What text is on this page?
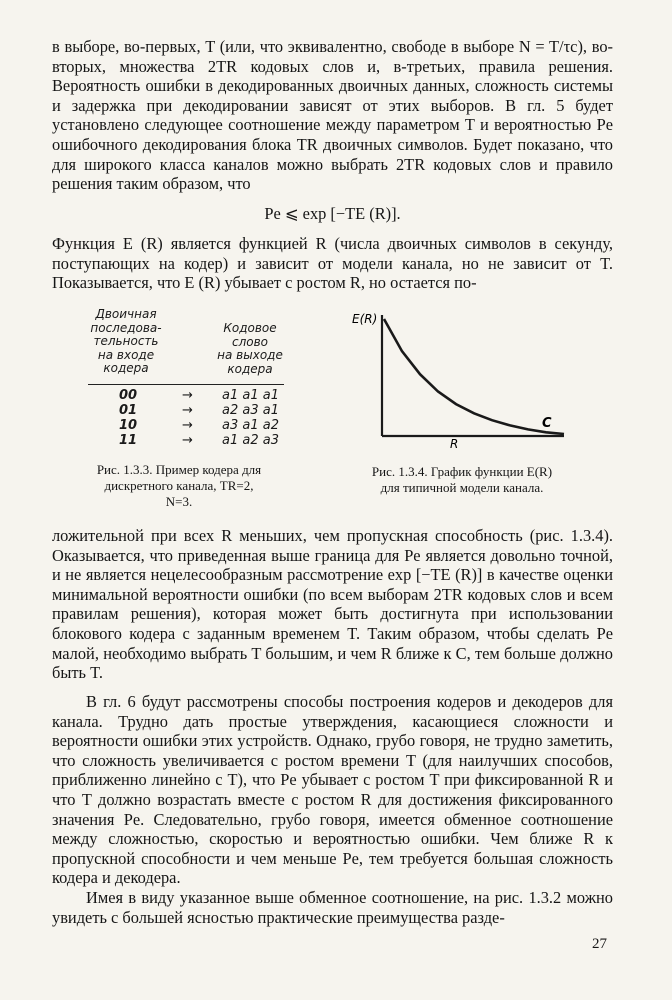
в выборе, во-первых, T (или, что эквивалентно, свободе в выборе N = T/τc), во-вторых, множества 2TR кодовых слов и, в-третьих, правила решения. Вероятность ошибки в декодированных двоичных данных, сложность системы и задержка при декодировании зависят от этих выборов. В гл. 5 будет установлено следующее соотношение между параметром T и вероятностью Pe ошибочного декодирования блока TR двоичных символов. Будет показано, что для широкого класса каналов можно выбрать 2TR кодовых слов и правило решения таким образом, что

Pe ⩽ exp [−TE (R)].

Функция E (R) является функцией R (числа двоичных символов в секунду, поступающих на кодер) и зависит от модели канала, но не зависит от T. Показывается, что E (R) убывает с ростом R, но остается по-

Двоичная
последова-
тельность
на входе
кодера
Кодовое
слово
на выходе
кодера
00	→ a1 a1 a1
01	→ a2 a3 a1
10	→ a3 a1 a2
11	→ a1 a2 a3
Рис. 1.3.3. Пример кодера для
дискретного канала, TR=2,
N=3.
E(R)
R
C
Рис. 1.3.4. График функции E(R)
для типичной модели канала.

ложительной при всех R меньших, чем пропускная способность (рис. 1.3.4). Оказывается, что приведенная выше граница для Pe является довольно точной, и не является нецелесообразным рассмотрение exp [−TE (R)] в качестве оценки минимальной вероятности ошибки (по всем выборам 2TR кодовых слов и всем правилам решения), которая может быть достигнута при использовании блокового кодера с заданным временем T. Таким образом, чтобы сделать Pe малой, необходимо выбрать T большим, и чем R ближе к C, тем больше должно быть T.

В гл. 6 будут рассмотрены способы построения кодеров и декодеров для канала. Трудно дать простые утверждения, касающиеся сложности и вероятности ошибки этих устройств. Однако, грубо говоря, не трудно заметить, что сложность увеличивается с ростом времени T (для наилучших способов, приближенно линейно с T), что Pe убывает с ростом T при фиксированной R и что T должно возрастать вместе с ростом R для достижения фиксированного значения Pe. Следовательно, грубо говоря, имеется обменное соотношение между сложностью, скоростью и вероятностью ошибки. Чем ближе R к пропускной способности и чем меньше Pe, тем требуется большая сложность кодера и декодера.

Имея в виду указанное выше обменное соотношение, на рис. 1.3.2 можно увидеть с большей ясностью практические преимущества разде-

27
